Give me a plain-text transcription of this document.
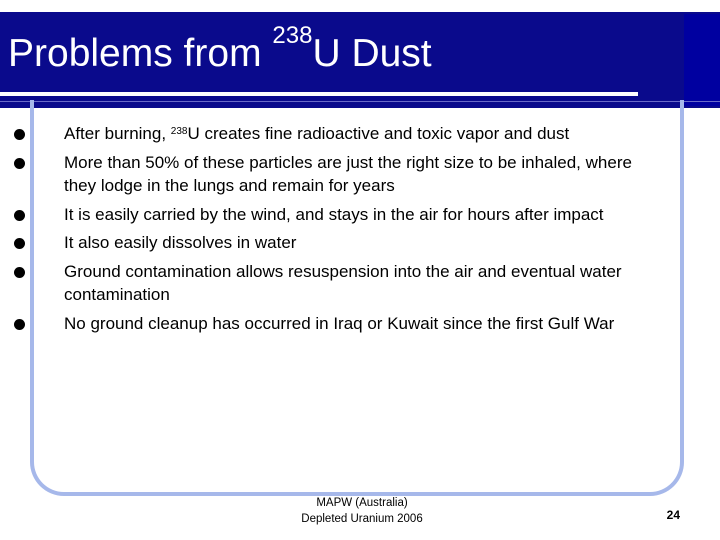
Problems from $^{238}$U Dust
After burning, $^{238}$U creates fine radioactive and toxic vapor and dust
More than 50% of these particles are just the right size to be inhaled, where they lodge in the lungs and remain for years
It is easily carried by the wind, and stays in the air for hours after impact
It also easily dissolves in water
Ground contamination allows resuspension into the air and eventual water contamination
No ground cleanup has occurred in Iraq or Kuwait since the first Gulf War
MAPW (Australia)
Depleted Uranium 2006	24
